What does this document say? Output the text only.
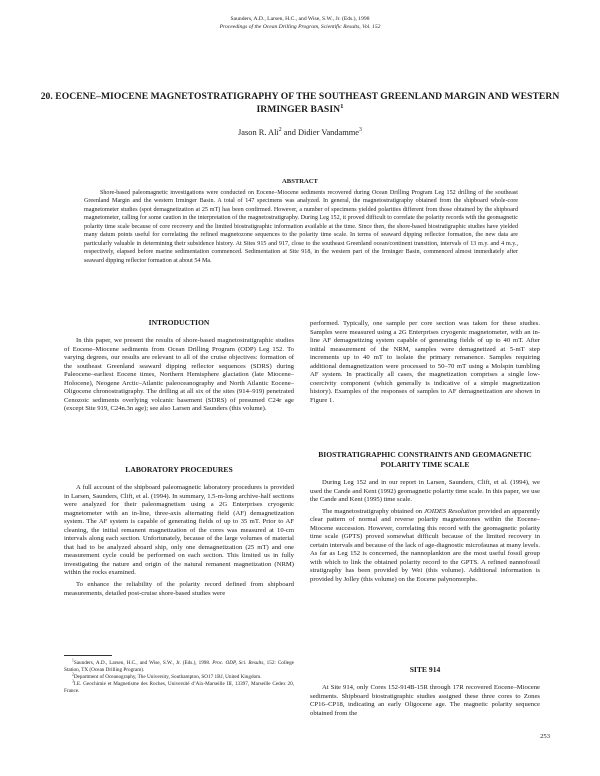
Saunders, A.D., Larsen, H.C., and Wise, S.W., Jr. (Eds.), 1998
Proceedings of the Ocean Drilling Program, Scientific Results, Vol. 152
20. EOCENE–MIOCENE MAGNETOSTRATIGRAPHY OF THE SOUTHEAST GREENLAND MARGIN AND WESTERN IRMINGER BASIN$^1$
Jason R. Ali$^2$ and Didier Vandamme$^3$
ABSTRACT

Shore-based paleomagnetic investigations were conducted on Eocene–Miocene sediments recovered during Ocean Drilling Program Leg 152 drilling of the southeast Greenland Margin and the western Irminger Basin. A total of 147 specimens was analyzed. In general, the magnetostratigraphy obtained from the shipboard whole-core magnetometer studies (spot demagnetization at 25 mT) has been confirmed. However, a number of specimens yielded polarities different from those obtained by the shipboard magnetometer, calling for some caution in the interpretation of the magnetostratigraphy. During Leg 152, it proved difficult to correlate the polarity records with the geomagnetic polarity time scale because of core recovery and the limited biostratigraphic information available at the time. Since then, the shore-based biostratigraphic studies have yielded many datum points useful for correlating the refined magnetozone sequences to the polarity time scale. In terms of seaward dipping reflector formation, the new data are particularly valuable in determining their subsidence history. At Sites 915 and 917, close to the southeast Greenland ocean/continent transition, intervals of 13 m.y. and 4 m.y., respectively, elapsed before marine sedimentation commenced. Sedimentation at Site 918, in the western part of the Irminger Basin, commenced almost immediately after seaward dipping reflector formation at about 54 Ma.

INTRODUCTION

In this paper, we present the results of shore-based magnetostratigraphic studies of Eocene–Miocene sediments from Ocean Drilling Program (ODP) Leg 152. To varying degrees, our results are relevant to all of the cruise objectives: formation of the southeast Greenland seaward dipping reflector sequences (SDRS) during Paleocene–earliest Eocene times, Northern Hemisphere glaciation (late Miocene–Holocene), Neogene Arctic–Atlantic paleoceanography and North Atlantic Eocene–Oligocene chronostratigraphy. The drilling at all six of the sites (914–919) penetrated Cenozoic sediments overlying volcanic basement (SDRS) of presumed C24r age (except Site 919, C24n.3n age); see also Larsen and Saunders (this volume).

LABORATORY PROCEDURES

A full account of the shipboard paleomagnetic laboratory procedures is provided in Larsen, Saunders, Clift, et al. (1994). In summary, 1.5-m-long archive-half sections were analyzed for their paleomagnetism using a 2G Enterprises cryogenic magnetometer with an in-line, three-axis alternating field (AF) demagnetization system. The AF system is capable of generating fields of up to 35 mT. Prior to AF cleaning, the initial remanent magnetization of the cores was measured at 10-cm intervals along each section. Unfortunately, because of the large volumes of material that had to be analyzed aboard ship, only one demagnetization (25 mT) and one measurement cycle could be performed on each section. This limited us in fully investigating the nature and origin of the natural remanent magnetization (NRM) within the rocks examined.

To enhance the reliability of the polarity record defined from shipboard measurements, detailed post-cruise shore-based studies were

$^1$Saunders, A.D., Larsen, H.C., and Wise, S.W., Jr. (Eds.), 1998. Proc. ODP, Sci. Results, 152: College Station, TX (Ocean Drilling Program).

$^2$Department of Oceanography, The University, Southampton, SO17 1BJ, United Kingdom.

$^3$I.E. Geochimie et Magnetisme des Roches, Université d’Aix-Marseille III, 13397, Marseille Cedex 20, France.

performed. Typically, one sample per core section was taken for these studies. Samples were measured using a 2G Enterprises cryogenic magnetometer, with an in-line AF demagnetizing system capable of generating fields of up to 40 mT. After initial measurement of the NRM, samples were demagnetized at 5-mT step increments up to 40 mT to isolate the primary remanence. Samples requiring additional demagnetization were processed to 50–70 mT using a Molspin tumbling AF system. In practically all cases, the magnetization comprises a single low-coercivity component (which generally is indicative of a simple magnetization history). Examples of the responses of samples to AF demagnetization are shown in Figure 1.

BIOSTRATIGRAPHIC CONSTRAINTS AND GEOMAGNETIC POLARITY TIME SCALE

During Leg 152 and in our report in Larsen, Saunders, Clift, et al. (1994), we used the Cande and Kent (1992) geomagnetic polarity time scale. In this paper, we use the Cande and Kent (1995) time scale.

The magnetostratigraphy obtained on JOIDES Resolution provided an apparently clear pattern of normal and reverse polarity magnetozones within the Eocene–Miocene succession. However, correlating this record with the geomagnetic polarity time scale (GPTS) proved somewhat difficult because of the limited recovery in certain intervals and because of the lack of age-diagnostic microfaunas at many levels. As far as Leg 152 is concerned, the nannoplankton are the most useful fossil group with which to link the obtained polarity record to the GPTS. A refined nannofossil stratigraphy has been provided by Wei (this volume). Additional information is provided by Jolley (this volume) on the Eocene palynomorphs.

SITE 914

At Site 914, only Cores 152-914B-15R through 17R recovered Eocene–Miocene sediments. Shipboard biostratigraphic studies assigned these three cores to Zones CP16–CP18, indicating an early Oligocene age. The magnetic polarity sequence obtained from the

253
